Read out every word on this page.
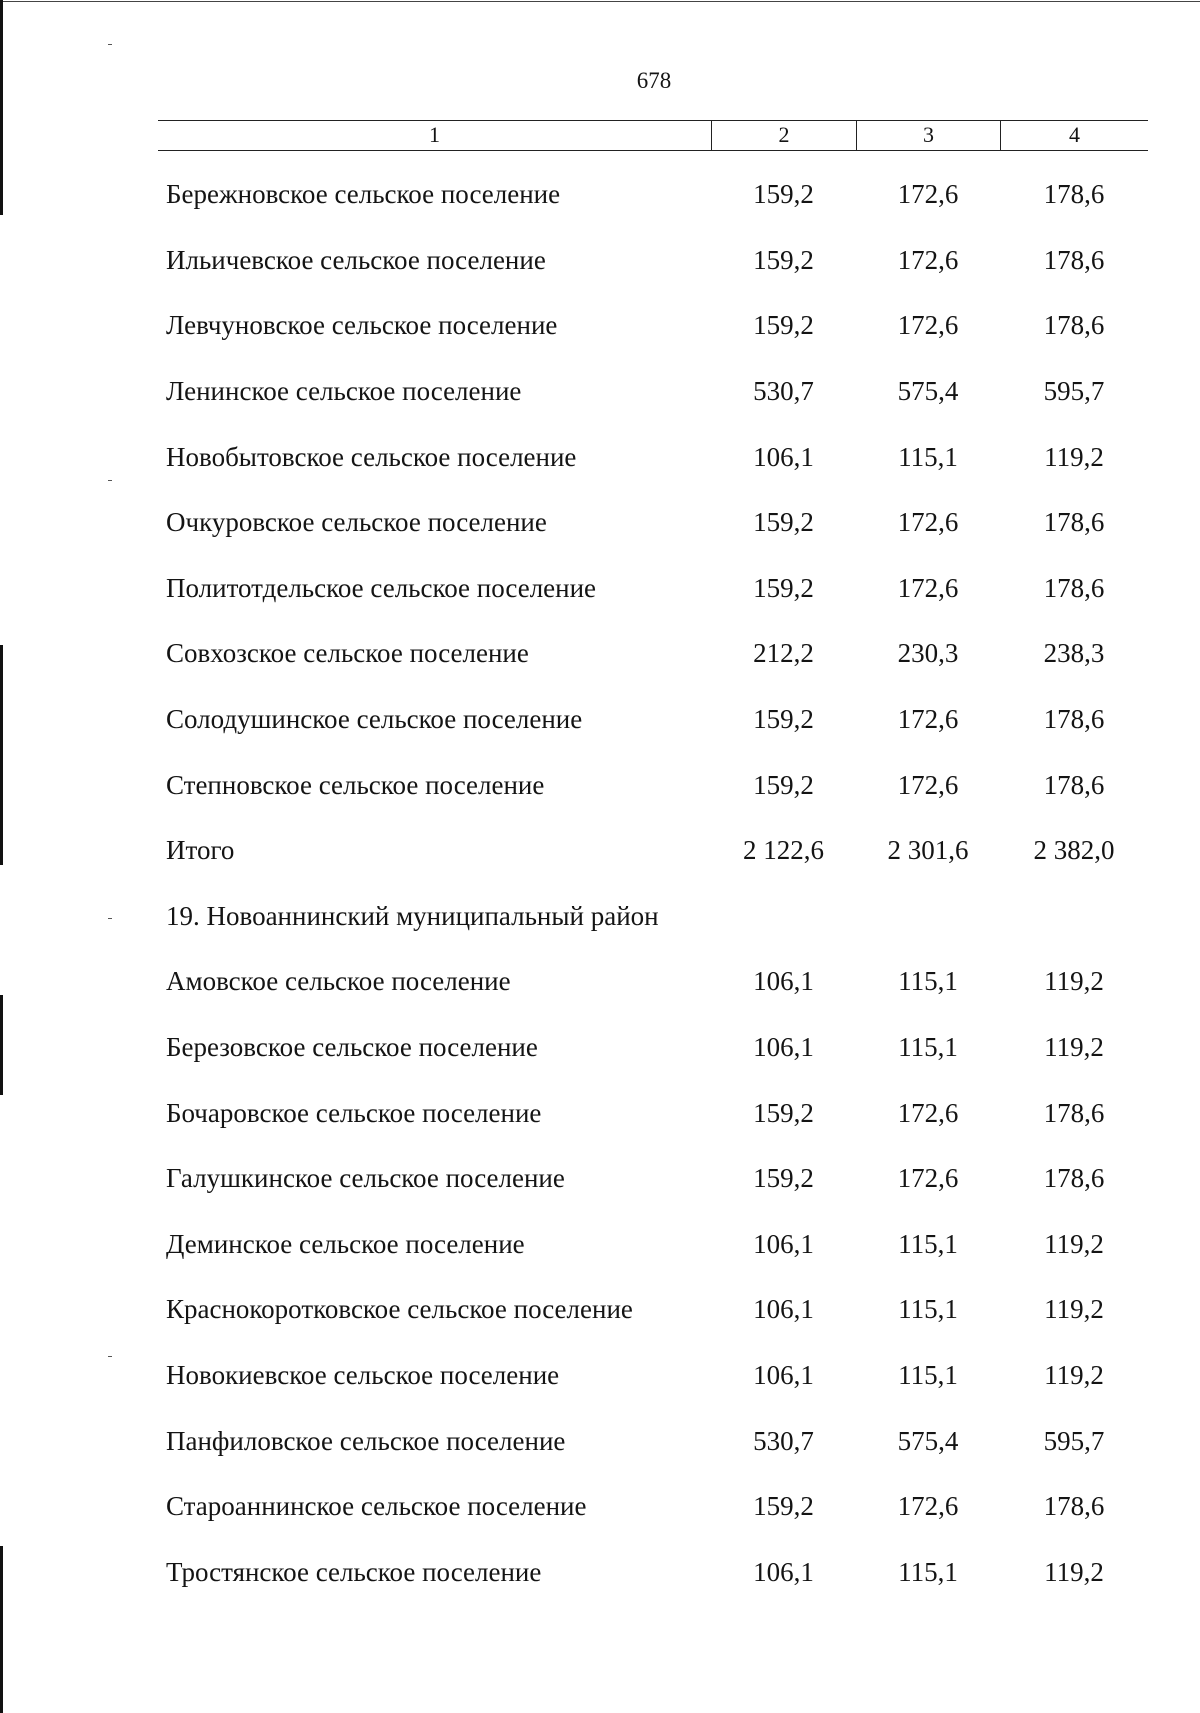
678
1	2	3	4
Бережновское сельское поселение	159,2	172,6	178,6
Ильичевское сельское поселение	159,2	172,6	178,6
Левчуновское сельское поселение	159,2	172,6	178,6
Ленинское сельское поселение	530,7	575,4	595,7
Новобытовское сельское поселение	106,1	115,1	119,2
Очкуровское сельское поселение	159,2	172,6	178,6
Политотдельское сельское поселение	159,2	172,6	178,6
Совхозское сельское поселение	212,2	230,3	238,3
Солодушинское сельское поселение	159,2	172,6	178,6
Степновское сельское поселение	159,2	172,6	178,6
Итого	2 122,6	2 301,6	2 382,0
19. Новоаннинский муниципальный район
Амовское сельское поселение	106,1	115,1	119,2
Березовское сельское поселение	106,1	115,1	119,2
Бочаровское сельское поселение	159,2	172,6	178,6
Галушкинское сельское поселение	159,2	172,6	178,6
Деминское сельское поселение	106,1	115,1	119,2
Краснокоротковское сельское поселение	106,1	115,1	119,2
Новокиевское сельское поселение	106,1	115,1	119,2
Панфиловское сельское поселение	530,7	575,4	595,7
Староаннинское сельское поселение	159,2	172,6	178,6
Тростянское сельское поселение	106,1	115,1	119,2
